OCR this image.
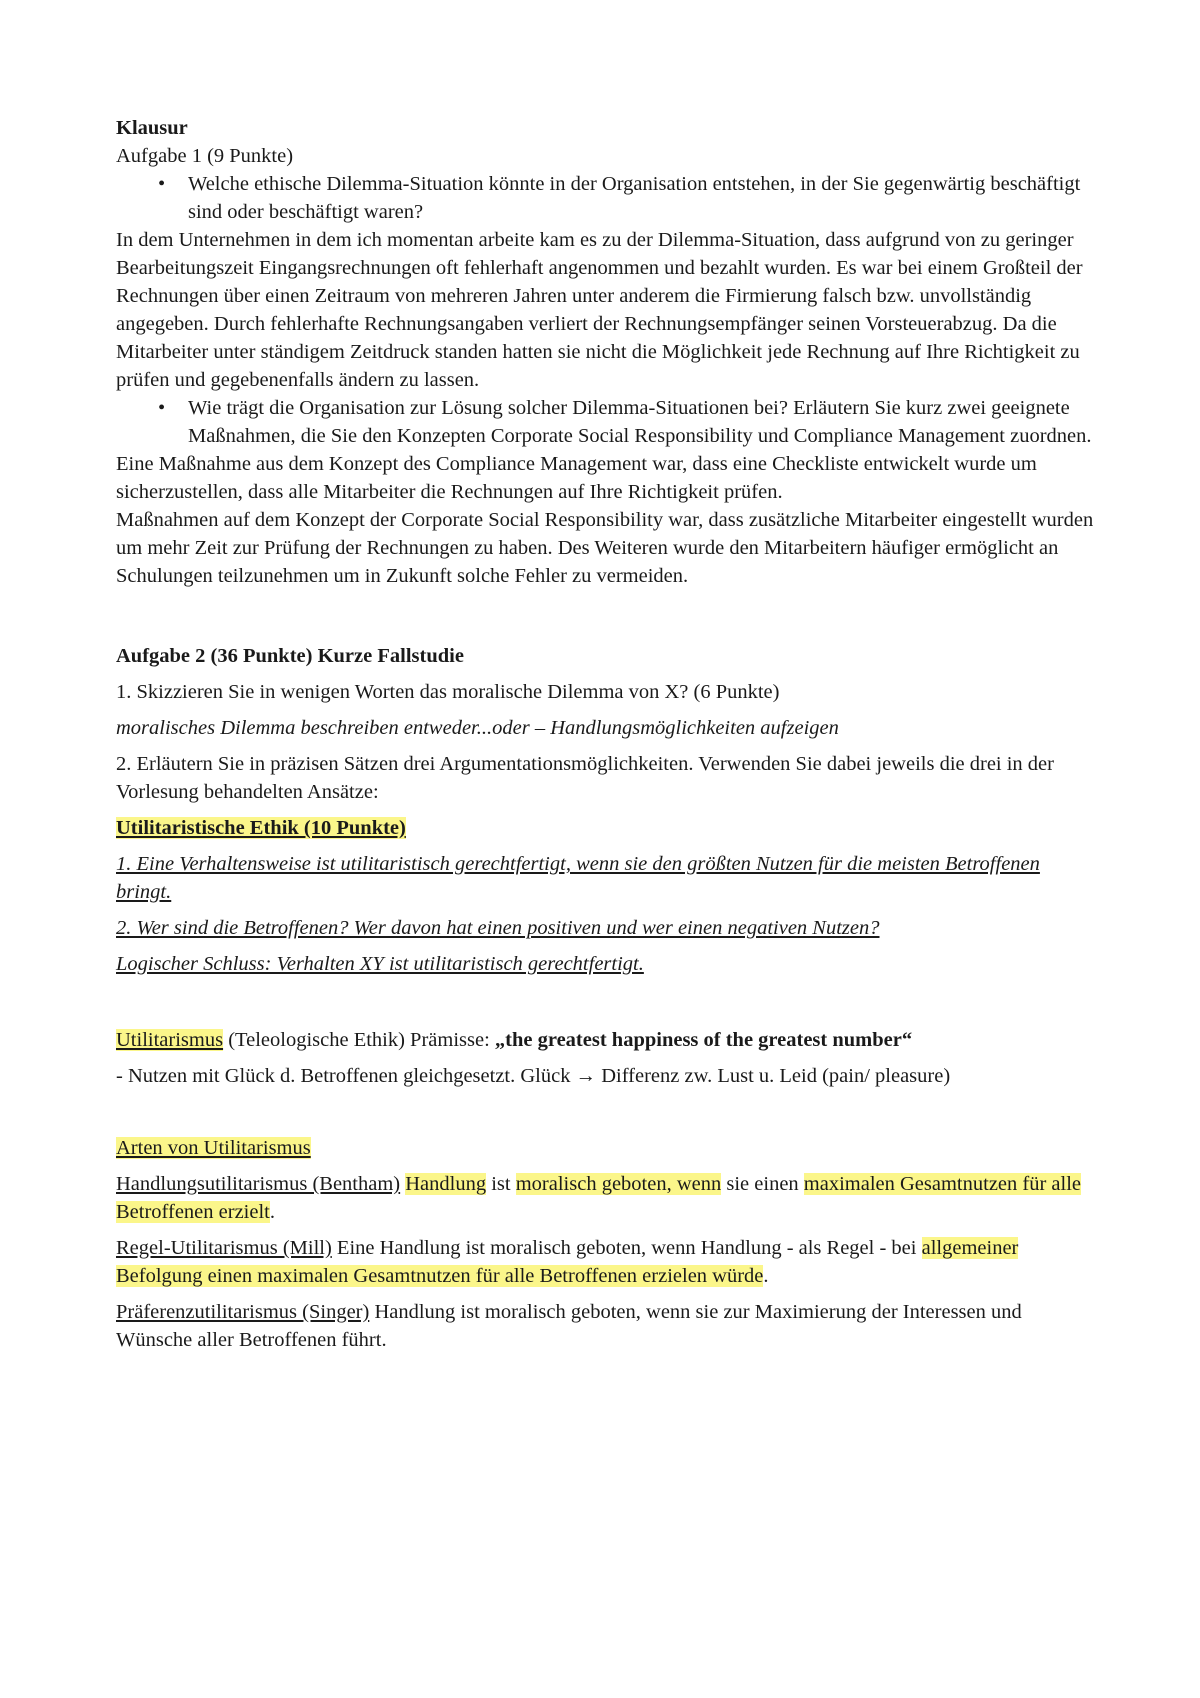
Klausur

Aufgabe 1 (9 Punkte)

• Welche ethische Dilemma-Situation könnte in der Organisation entstehen, in der Sie gegenwärtig beschäftigt sind oder beschäftigt waren?

In dem Unternehmen in dem ich momentan arbeite kam es zu der Dilemma-Situation, dass aufgrund von zu geringer Bearbeitungszeit Eingangsrechnungen oft fehlerhaft angenommen und bezahlt wurden. Es war bei einem Großteil der Rechnungen über einen Zeitraum von mehreren Jahren unter anderem die Firmierung falsch bzw. unvollständig angegeben. Durch fehlerhafte Rechnungsangaben verliert der Rechnungsempfänger seinen Vorsteuerabzug. Da die Mitarbeiter unter ständigem Zeitdruck standen hatten sie nicht die Möglichkeit jede Rechnung auf Ihre Richtigkeit zu prüfen und gegebenenfalls ändern zu lassen.

• Wie trägt die Organisation zur Lösung solcher Dilemma-Situationen bei? Erläutern Sie kurz zwei geeignete Maßnahmen, die Sie den Konzepten Corporate Social Responsibility und Compliance Management zuordnen.

Eine Maßnahme aus dem Konzept des Compliance Management war, dass eine Checkliste entwickelt wurde um sicherzustellen, dass alle Mitarbeiter die Rechnungen auf Ihre Richtigkeit prüfen.

Maßnahmen auf dem Konzept der Corporate Social Responsibility war, dass zusätzliche Mitarbeiter eingestellt wurden um mehr Zeit zur Prüfung der Rechnungen zu haben. Des Weiteren wurde den Mitarbeitern häufiger ermöglicht an Schulungen teilzunehmen um in Zukunft solche Fehler zu vermeiden.

Aufgabe 2 (36 Punkte) Kurze Fallstudie

1. Skizzieren Sie in wenigen Worten das moralische Dilemma von X? (6 Punkte)

moralisches Dilemma beschreiben entweder...oder – Handlungsmöglichkeiten aufzeigen

2. Erläutern Sie in präzisen Sätzen drei Argumentationsmöglichkeiten. Verwenden Sie dabei jeweils die drei in der Vorlesung behandelten Ansätze:

Utilitaristische Ethik (10 Punkte)

1. Eine Verhaltensweise ist utilitaristisch gerechtfertigt, wenn sie den größten Nutzen für die meisten Betroffenen bringt.

2. Wer sind die Betroffenen? Wer davon hat einen positiven und wer einen negativen Nutzen?

Logischer Schluss: Verhalten XY ist utilitaristisch gerechtfertigt.

Utilitarismus (Teleologische Ethik) Prämisse: „the greatest happiness of the greatest number“

- Nutzen mit Glück d. Betroffenen gleichgesetzt. Glück → Differenz zw. Lust u. Leid (pain/ pleasure)

Arten von Utilitarismus

Handlungsutilitarismus (Bentham) Handlung ist moralisch geboten, wenn sie einen maximalen Gesamtnutzen für alle Betroffenen erzielt.

Regel-Utilitarismus (Mill) Eine Handlung ist moralisch geboten, wenn Handlung - als Regel - bei allgemeiner Befolgung einen maximalen Gesamtnutzen für alle Betroffenen erzielen würde.

Präferenzutilitarismus (Singer) Handlung ist moralisch geboten, wenn sie zur Maximierung der Interessen und Wünsche aller Betroffenen führt.
